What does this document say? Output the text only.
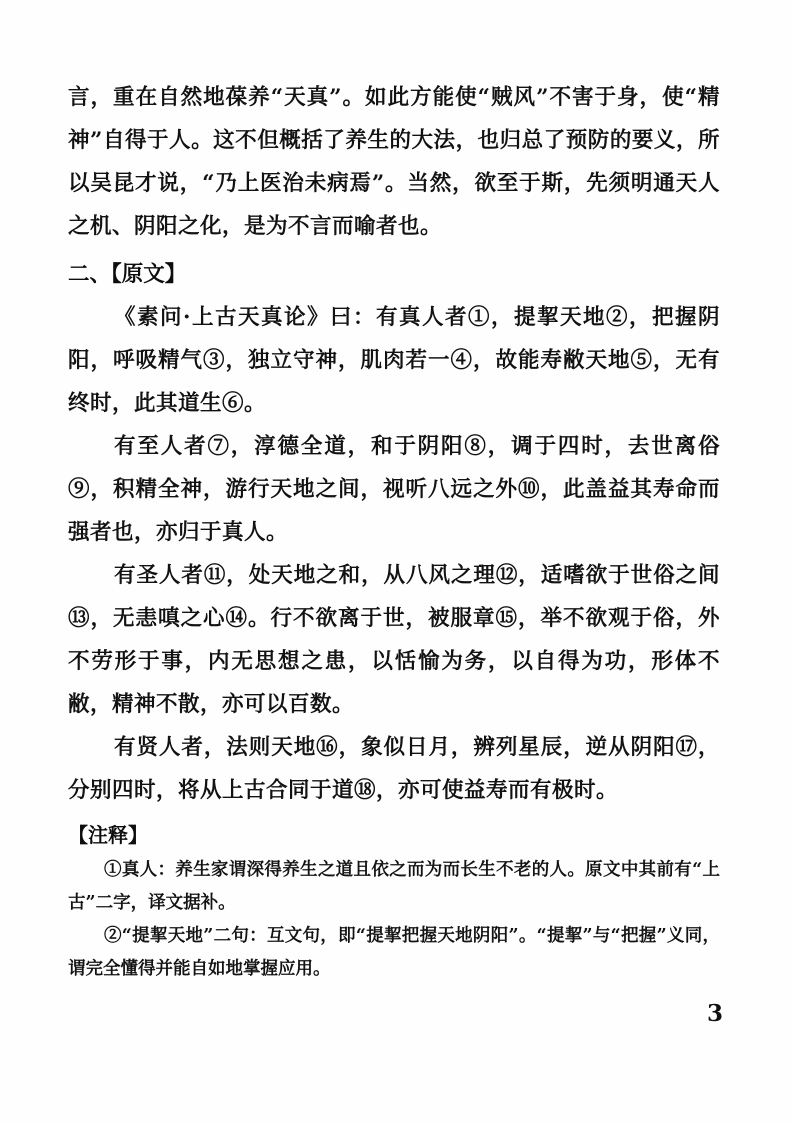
言，重在自然地葆养“天真”。如此方能使“贼风”不害于身，使“精神”自得于人。这不但概括了养生的大法，也归总了预防的要义，所以吴昆才说，“乃上医治未病焉”。当然，欲至于斯，先须明通天人之机、阴阳之化，是为不言而喻者也。

二、【原文】

《素问·上古天真论》曰：有真人者①，提挈天地②，把握阴阳，呼吸精气③，独立守神，肌肉若一④，故能寿敝天地⑤，无有终时，此其道生⑥。

有至人者⑦，淳德全道，和于阴阳⑧，调于四时，去世离俗⑨，积精全神，游行天地之间，视听八远之外⑩，此盖益其寿命而强者也，亦归于真人。

有圣人者⑪，处天地之和，从八风之理⑫，适嗜欲于世俗之间⑬，无恚嗔之心⑭。行不欲离于世，被服章⑮，举不欲观于俗，外不劳形于事，内无思想之患，以恬愉为务，以自得为功，形体不敝，精神不散，亦可以百数。

有贤人者，法则天地⑯，象似日月，辨列星辰，逆从阴阳⑰，分别四时，将从上古合同于道⑱，亦可使益寿而有极时。

【注释】

①真人：养生家谓深得养生之道且依之而为而长生不老的人。原文中其前有“上古”二字，译文据补。

②“提挈天地”二句：互文句，即“提挈把握天地阴阳”。“提挈”与“把握”义同，谓完全懂得并能自如地掌握应用。

3
